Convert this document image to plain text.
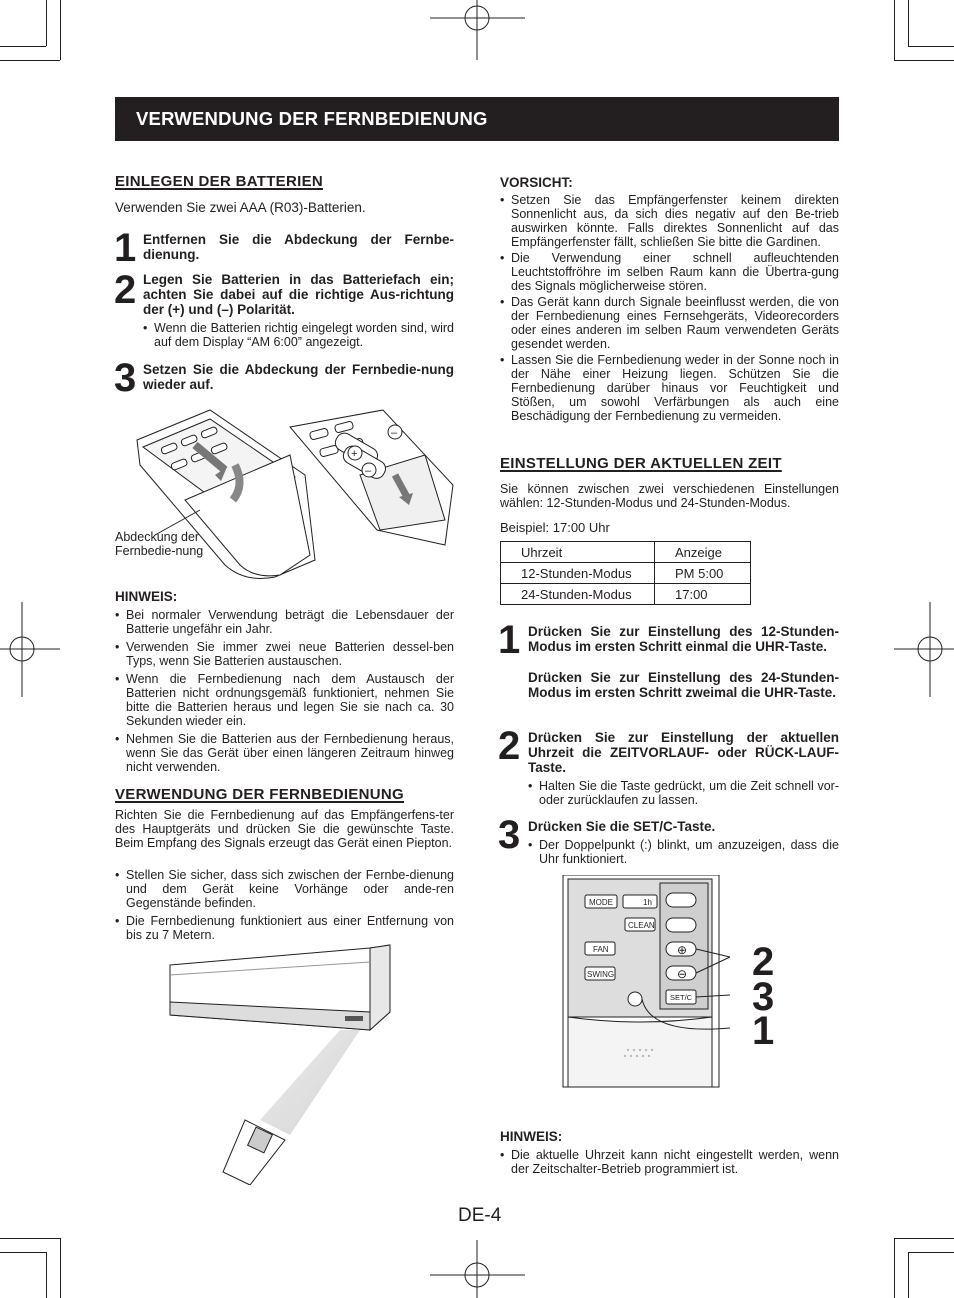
VERWENDUNG DER FERNBEDIENUNG
EINLEGEN DER BATTERIEN
Verwenden Sie zwei AAA (R03)-Batterien.
1 Entfernen Sie die Abdeckung der Fernbe-dienung.
2 Legen Sie Batterien in das Batteriefach ein; achten Sie dabei auf die richtige Aus-richtung der (+) und (–) Polarität.
• Wenn die Batterien richtig eingelegt worden sind, wird auf dem Display “AM 6:00” angezeigt.
3 Setzen Sie die Abdeckung der Fernbedie-nung wieder auf.
+
–
–
Abdeckung der Fernbedie-nung
HINWEIS:
• Bei normaler Verwendung beträgt die Lebensdauer der Batterie ungefähr ein Jahr.
• Verwenden Sie immer zwei neue Batterien dessel-ben Typs, wenn Sie Batterien austauschen.
• Wenn die Fernbedienung nach dem Austausch der Batterien nicht ordnungsgemäß funktioniert, nehmen Sie bitte die Batterien heraus und legen Sie sie nach ca. 30 Sekunden wieder ein.
• Nehmen Sie die Batterien aus der Fernbedienung heraus, wenn Sie das Gerät über einen längeren Zeitraum hinweg nicht verwenden.
VERWENDUNG DER FERNBEDIENUNG
Richten Sie die Fernbedienung auf das Empfängerfens-ter des Hauptgeräts und drücken Sie die gewünschte Taste. Beim Empfang des Signals erzeugt das Gerät einen Piepton.
• Stellen Sie sicher, dass sich zwischen der Fernbe-dienung und dem Gerät keine Vorhänge oder ande-ren Gegenstände befinden.
• Die Fernbedienung funktioniert aus einer Entfernung von bis zu 7 Metern.
VORSICHT:
• Setzen Sie das Empfängerfenster keinem direkten Sonnenlicht aus, da sich dies negativ auf den Be-trieb auswirken könnte. Falls direktes Sonnenlicht auf das Empfängerfenster fällt, schließen Sie bitte die Gardinen.
• Die Verwendung einer schnell aufleuchtenden Leuchtstoffröhre im selben Raum kann die Übertra-gung des Signals möglicherweise stören.
• Das Gerät kann durch Signale beeinflusst werden, die von der Fernbedienung eines Fernsehgeräts, Videorecorders oder eines anderen im selben Raum verwendeten Geräts gesendet werden.
• Lassen Sie die Fernbedienung weder in der Sonne noch in der Nähe einer Heizung liegen. Schützen Sie die Fernbedienung darüber hinaus vor Feuchtigkeit und Stößen, um sowohl Verfärbungen als auch eine Beschädigung der Fernbedienung zu vermeiden.
EINSTELLUNG DER AKTUELLEN ZEIT
Sie können zwischen zwei verschiedenen Einstellungen wählen: 12-Stunden-Modus und 24-Stunden-Modus.
Beispiel: 17:00 Uhr
Uhrzeit	Anzeige
12-Stunden-Modus	PM 5:00
24-Stunden-Modus	17:00
1 Drücken Sie zur Einstellung des 12-Stunden-Modus im ersten Schritt einmal die UHR-Taste.
Drücken Sie zur Einstellung des 24-Stunden-Modus im ersten Schritt zweimal die UHR-Taste.
2 Drücken Sie zur Einstellung der aktuellen Uhrzeit die ZEITVORLAUF- oder RÜCK-LAUF-Taste.
• Halten Sie die Taste gedrückt, um die Zeit schnell vor- oder zurücklaufen zu lassen.
3 Drücken Sie die SET/C-Taste.
• Der Doppelpunkt (:) blinkt, um anzuzeigen, dass die Uhr funktioniert.
MODE	1h
CLEAN
FAN
SWING
SET/C
⊕
⊖ 2
3
1
HINWEIS:
• Die aktuelle Uhrzeit kann nicht eingestellt werden, wenn der Zeitschalter-Betrieb programmiert ist.
DE-4
